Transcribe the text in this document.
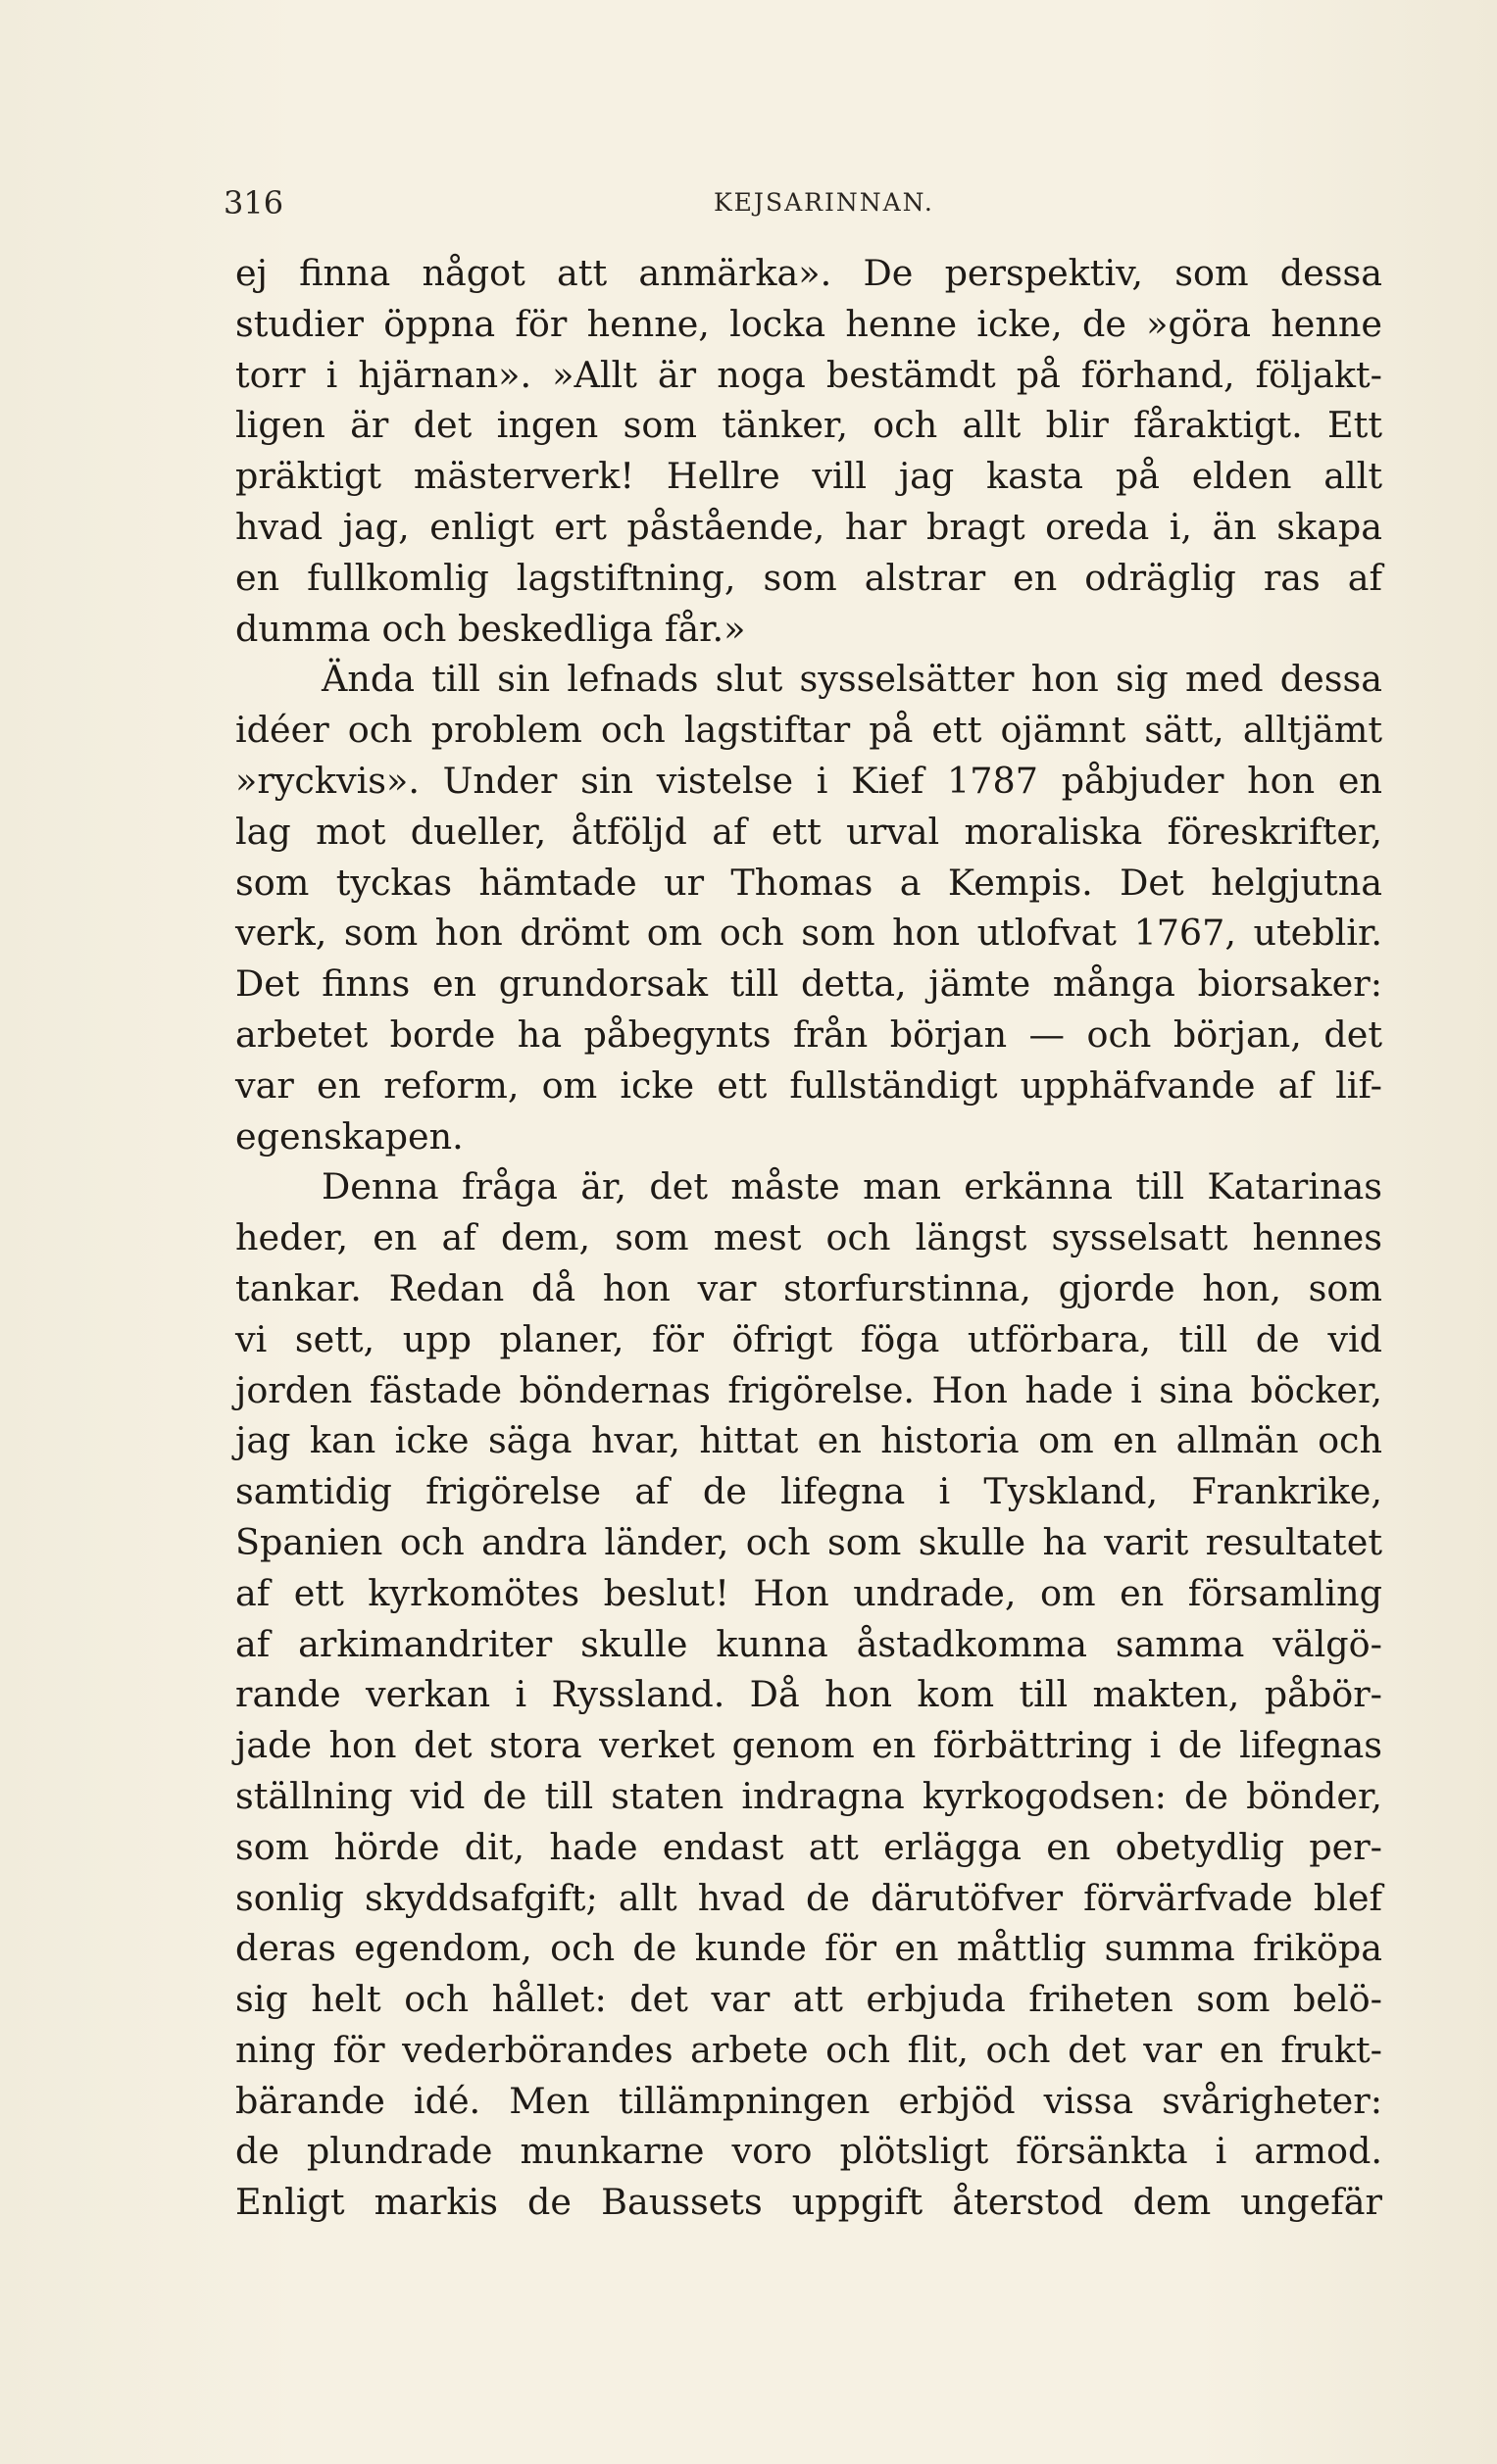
316	KEJSARINNAN.
ej finna något att anmärka». De perspektiv, som dessa
studier öppna för henne, locka henne icke, de »göra henne
torr i hjärnan». »Allt är noga bestämdt på förhand, följakt-
ligen är det ingen som tänker, och allt blir fåraktigt. Ett
präktigt mästerverk! Hellre vill jag kasta på elden allt
hvad jag, enligt ert påstående, har bragt oreda i, än skapa
en fullkomlig lagstiftning, som alstrar en odräglig ras af
dumma och beskedliga får.»
Ända till sin lefnads slut sysselsätter hon sig med dessa
idéer och problem och lagstiftar på ett ojämnt sätt, alltjämt
»ryckvis». Under sin vistelse i Kief 1787 påbjuder hon en
lag mot dueller, åtföljd af ett urval moraliska föreskrifter,
som tyckas hämtade ur Thomas a Kempis. Det helgjutna
verk, som hon drömt om och som hon utlofvat 1767, uteblir.
Det finns en grundorsak till detta, jämte många biorsaker:
arbetet borde ha påbegynts från början — och början, det
var en reform, om icke ett fullständigt upphäfvande af lif-
egenskapen.
Denna fråga är, det måste man erkänna till Katarinas
heder, en af dem, som mest och längst sysselsatt hennes
tankar. Redan då hon var storfurstinna, gjorde hon, som
vi sett, upp planer, för öfrigt föga utförbara, till de vid
jorden fästade böndernas frigörelse. Hon hade i sina böcker,
jag kan icke säga hvar, hittat en historia om en allmän och
samtidig frigörelse af de lifegna i Tyskland, Frankrike,
Spanien och andra länder, och som skulle ha varit resultatet
af ett kyrkomötes beslut! Hon undrade, om en församling
af arkimandriter skulle kunna åstadkomma samma välgö-
rande verkan i Ryssland. Då hon kom till makten, påbör-
jade hon det stora verket genom en förbättring i de lifegnas
ställning vid de till staten indragna kyrkogodsen: de bönder,
som hörde dit, hade endast att erlägga en obetydlig per-
sonlig skyddsafgift; allt hvad de därutöfver förvärfvade blef
deras egendom, och de kunde för en måttlig summa friköpa
sig helt och hållet: det var att erbjuda friheten som belö-
ning för vederbörandes arbete och flit, och det var en frukt-
bärande idé. Men tillämpningen erbjöd vissa svårigheter:
de plundrade munkarne voro plötsligt försänkta i armod.
Enligt markis de Baussets uppgift återstod dem ungefär
